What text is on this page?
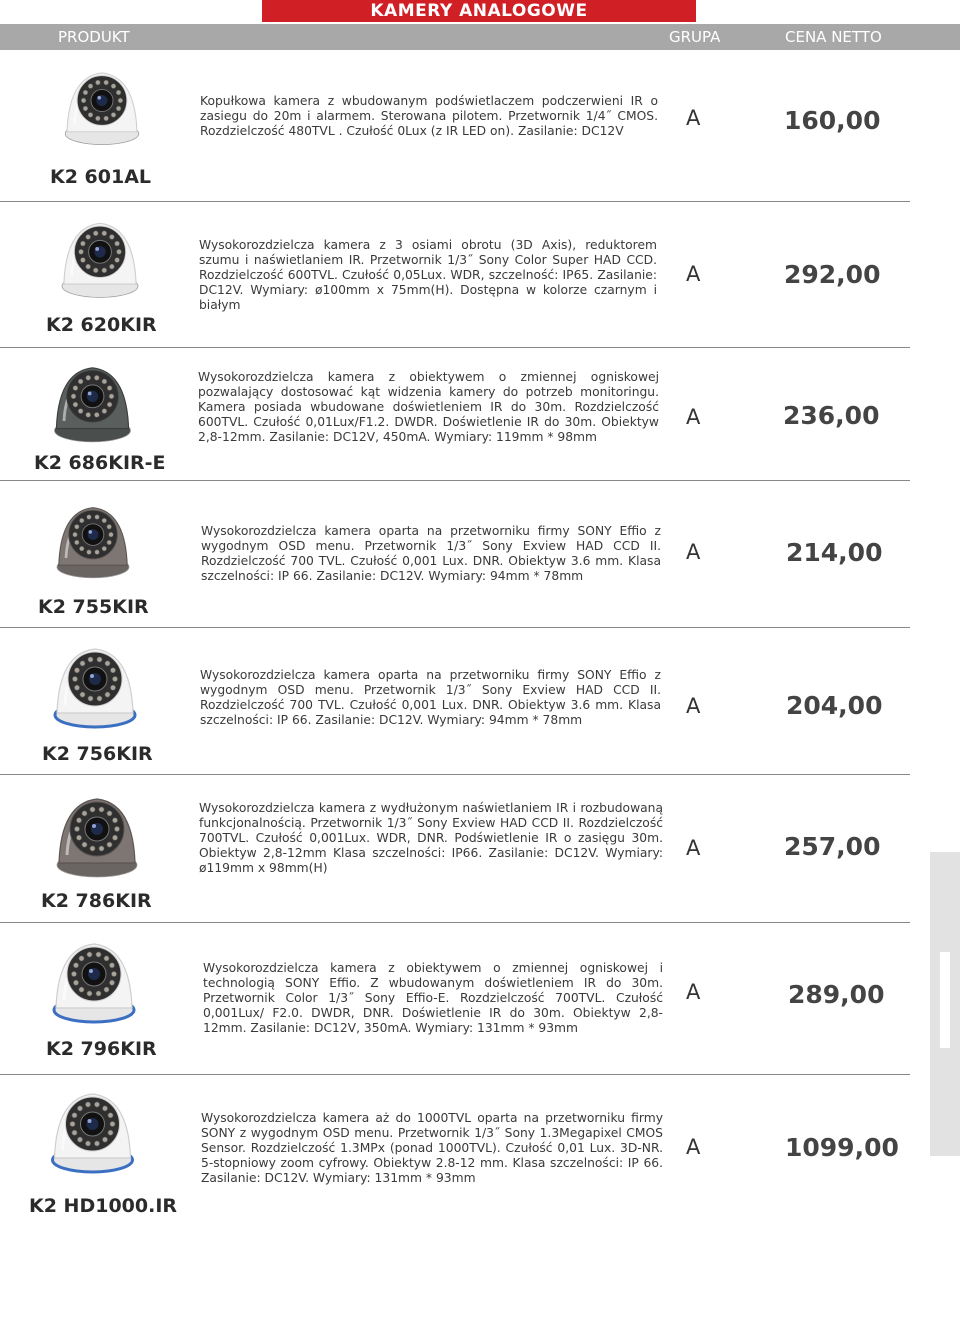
KAMERY ANALOGOWE
PRODUKT	GRUPA	CENA NETTO
K2 601AL
Kopułkowa kamera z wbudowanym podświetlaczem podczerwieni IR o zasiegu do 20m i alarmem. Sterowana pilotem. Przetwornik 1/4˝ CMOS. Rozdzielczość 480TVL . Czułość 0Lux (z IR LED on). Zasilanie: DC12V
A	160,00
K2 620KIR
Wysokorozdzielcza kamera z 3 osiami obrotu (3D Axis), reduktorem szumu i naświetlaniem IR. Przetwornik 1/3˝ Sony Color Super HAD CCD. Rozdzielczość 600TVL. Czułość 0,05Lux. WDR, szczelność: IP65. Zasilanie: DC12V. Wymiary: ø100mm x 75mm(H). Dostępna w kolorze czarnym i białym
A	292,00
K2 686KIR-E
Wysokorozdzielcza kamera z obiektywem o zmiennej ogniskowej pozwalający dostosować kąt widzenia kamery do potrzeb monitoringu. Kamera posiada wbudowane doświetleniem IR do 30m. Rozdzielczość 600TVL. Czułość 0,01Lux/F1.2. DWDR. Doświetlenie IR do 30m. Obiektyw 2,8-12mm. Zasilanie: DC12V, 450mA. Wymiary: 119mm * 98mm
A	236,00
K2 755KIR
Wysokorozdzielcza kamera oparta na przetworniku firmy SONY Effio z wygodnym OSD menu. Przetwornik 1/3˝ Sony Exview HAD CCD II. Rozdzielczość 700 TVL. Czułość 0,001 Lux. DNR. Obiektyw 3.6 mm. Klasa szczelności: IP 66. Zasilanie: DC12V. Wymiary: 94mm * 78mm
A	214,00
K2 756KIR
Wysokorozdzielcza kamera oparta na przetworniku firmy SONY Effio z wygodnym OSD menu. Przetwornik 1/3˝ Sony Exview HAD CCD II. Rozdzielczość 700 TVL. Czułość 0,001 Lux. DNR. Obiektyw 3.6 mm. Klasa szczelności: IP 66. Zasilanie: DC12V. Wymiary: 94mm * 78mm
A	204,00
K2 786KIR
Wysokorozdzielcza kamera z wydłużonym naświetlaniem IR i rozbudowaną funkcjonalnością. Przetwornik 1/3˝ Sony Exview HAD CCD II. Rozdzielczość 700TVL. Czułość 0,001Lux. WDR, DNR. Podświetlenie IR o zasięgu 30m. Obiektyw 2,8-12mm Klasa szczelności: IP66. Zasilanie: DC12V. Wymiary: ø119mm x 98mm(H)
A	257,00
K2 796KIR
Wysokorozdzielcza kamera z obiektywem o zmiennej ogniskowej i technologią SONY Effio. Z wbudowanym doświetleniem IR do 30m. Przetwornik Color 1/3˝ Sony Effio-E. Rozdzielczość 700TVL. Czułość 0,001Lux/ F2.0. DWDR, DNR. Doświetlenie IR do 30m. Obiektyw 2,8-12mm. Zasilanie: DC12V, 350mA. Wymiary: 131mm * 93mm
A	289,00
K2 HD1000.IR
Wysokorozdzielcza kamera aż do 1000TVL oparta na przetworniku firmy SONY z wygodnym OSD menu. Przetwornik 1/3˝ Sony 1.3Megapixel CMOS Sensor. Rozdzielczość 1.3MPx (ponad 1000TVL). Czułość 0,01 Lux. 3D-NR. 5-stopniowy zoom cyfrowy. Obiektyw 2.8-12 mm. Klasa szczelności: IP 66. Zasilanie: DC12V. Wymiary: 131mm * 93mm
A	1099,00
